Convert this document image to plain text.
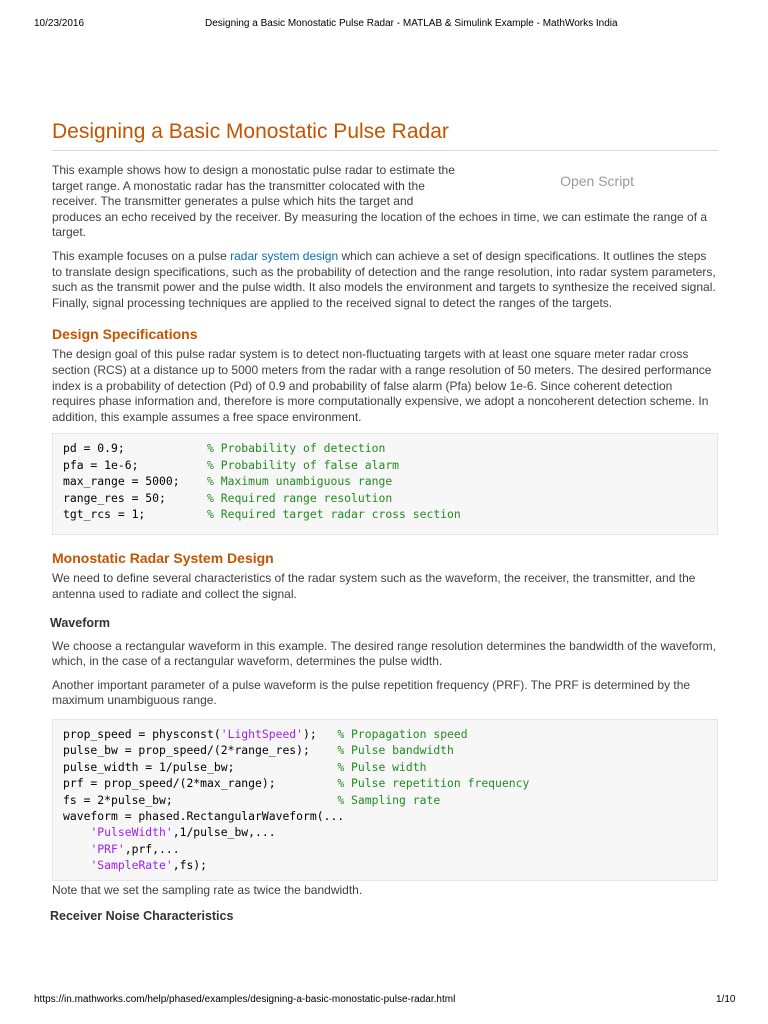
10/23/2016	Designing a Basic Monostatic Pulse Radar - MATLAB & Simulink Example - MathWorks India
Designing a Basic Monostatic Pulse Radar
Open Script

This example shows how to design a monostatic pulse radar to estimate the target range. A monostatic radar has the transmitter colocated with the receiver. The transmitter generates a pulse which hits the target and
produces an echo received by the receiver. By measuring the location of the echoes in time, we can estimate the range of a target.

This example focuses on a pulse radar system design which can achieve a set of design specifications. It outlines the steps to translate design specifications, such as the probability of detection and the range resolution, into radar system parameters, such as the transmit power and the pulse width. It also models the environment and targets to synthesize the received signal. Finally, signal processing techniques are applied to the received signal to detect the ranges of the targets.

Design Specifications

The design goal of this pulse radar system is to detect non-fluctuating targets with at least one square meter radar cross section (RCS) at a distance up to 5000 meters from the radar with a range resolution of 50 meters. The desired performance index is a probability of detection (Pd) of 0.9 and probability of false alarm (Pfa) below 1e-6. Since coherent detection requires phase information and, therefore is more computationally expensive, we adopt a noncoherent detection scheme. In addition, this example assumes a free space environment.

pd = 0.9;            % Probability of detection
pfa = 1e-6;          % Probability of false alarm
max_range = 5000;    % Maximum unambiguous range
range_res = 50;      % Required range resolution
tgt_rcs = 1;         % Required target radar cross section
Monostatic Radar System Design

We need to define several characteristics of the radar system such as the waveform, the receiver, the transmitter, and the antenna used to radiate and collect the signal.

Waveform

We choose a rectangular waveform in this example. The desired range resolution determines the bandwidth of the waveform, which, in the case of a rectangular waveform, determines the pulse width.

Another important parameter of a pulse waveform is the pulse repetition frequency (PRF). The PRF is determined by the maximum unambiguous range.

prop_speed = physconst('LightSpeed');   % Propagation speed
pulse_bw = prop_speed/(2*range_res);    % Pulse bandwidth
pulse_width = 1/pulse_bw;               % Pulse width
prf = prop_speed/(2*max_range);         % Pulse repetition frequency
fs = 2*pulse_bw;                        % Sampling rate
waveform = phased.RectangularWaveform(...
'PulseWidth',1/pulse_bw,...
'PRF',prf,...
'SampleRate',fs);

Note that we set the sampling rate as twice the bandwidth.

Receiver Noise Characteristics
https://in.mathworks.com/help/phased/examples/designing-a-basic-monostatic-pulse-radar.html	1/10
